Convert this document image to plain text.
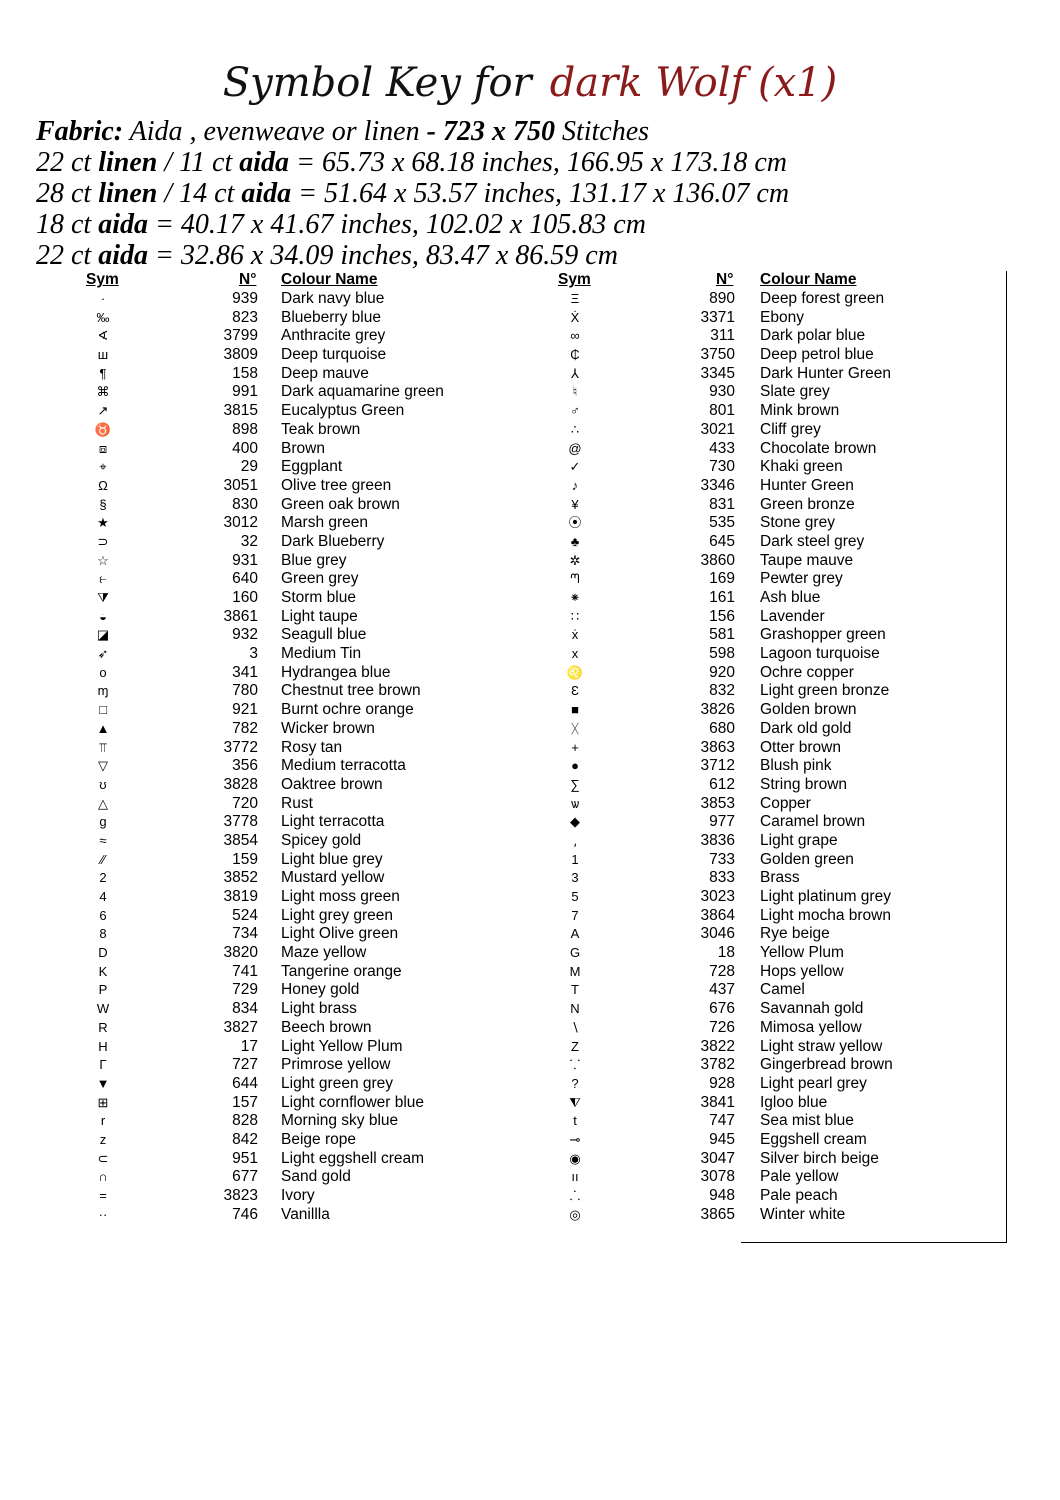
Symbol Key for dark Wolf (x1)
Fabric: Aida , evenweave or linen - 723 x 750 Stitches
22 ct linen / 11 ct aida = 65.73 x 68.18 inches, 166.95 x 173.18 cm
28 ct linen / 14 ct aida = 51.64 x 53.57 inches, 131.17 x 136.07 cm
18 ct aida = 40.17 x 41.67 inches, 102.02 x 105.83 cm
22 ct aida = 32.86 x 34.09 inches, 83.47 x 86.59 cm
Sym	N° Colour Name	Sym	N° Colour Name
·	939 Dark navy blue
‰	823 Blueberry blue
∢	3799 Anthracite grey
ш	3809 Deep turquoise
¶	158 Deep mauve
⌘	991 Dark aquamarine green
↗	3815 Eucalyptus Green
♉	898 Teak brown
⧈	400 Brown
⌖	29 Eggplant
Ω	3051 Olive tree green
§	830 Green oak brown
★	3012 Marsh green
⊃	32 Dark Blueberry
☆	931 Blue grey
⥼	640 Green grey
⧩	160 Storm blue
◒	3861 Light taupe
◪	932 Seagull blue
➶	3 Medium Tin
o	341 Hydrangea blue
ɱ	780 Chestnut tree brown
□	921 Burnt ochre orange
▲	782 Wicker brown
⫪	3772 Rosy tan
▽	356 Medium terracotta
ʊ	3828 Oaktree brown
△	720 Rust
g	3778 Light terracotta
≈	3854 Spicey gold
⁄⁄	159 Light blue grey
2	3852 Mustard yellow
4	3819 Light moss green
6	524 Light grey green
8	734 Light Olive green
D	3820 Maze yellow
K	741 Tangerine orange
P	729 Honey gold
W	834 Light brass
R	3827 Beech brown
H	17 Light Yellow Plum
Γ	727 Primrose yellow
▼	644 Light green grey
⊞	157 Light cornflower blue
r	828 Morning sky blue
z	842 Beige rope
⊂	951 Light eggshell cream
∩	677 Sand gold
=	3823 Ivory
··	746 Vanillla
Ξ	890 Deep forest green
Ẋ	3371 Ebony
∞	311 Dark polar blue
₵	3750 Deep petrol blue
⅄	3345 Dark Hunter Green
♮	930 Slate grey
♂	801 Mink brown
∴	3021 Cliff grey
@	433 Chocolate brown
✓	730 Khaki green
♪	3346 Hunter Green
¥	831 Green bronze
⦿	535 Stone grey
♣	645 Dark steel grey
✲	3860 Taupe mauve
ᘉ	169 Pewter grey
⁕	161 Ash blue
∷	156 Lavender
ẋ	581 Grashopper green
x	598 Lagoon turquoise
♌	920 Ochre copper
Ɛ	832 Light green bronze
■	3826 Golden brown
ᚷ	680 Dark old gold
+	3863 Otter brown
●	3712 Blush pink
∑	612 String brown
ѡ	3853 Copper
◆	977 Caramel brown
⸲	3836 Light grape
1	733 Golden green
3	833 Brass
5	3023 Light platinum grey
7	3864 Light mocha brown
A	3046 Rye beige
G	18 Yellow Plum
M	728 Hops yellow
T	437 Camel
N	676 Savannah gold
∖	726 Mimosa yellow
Z	3822 Light straw yellow
⸪	3782 Gingerbread brown
?	928 Light pearl grey
⧨	3841 Igloo blue
t	747 Sea mist blue
⊸	945 Eggshell cream
◉	3047 Silver birch beige
ıı	3078 Pale yellow
⸫	948 Pale peach
◎	3865 Winter white
